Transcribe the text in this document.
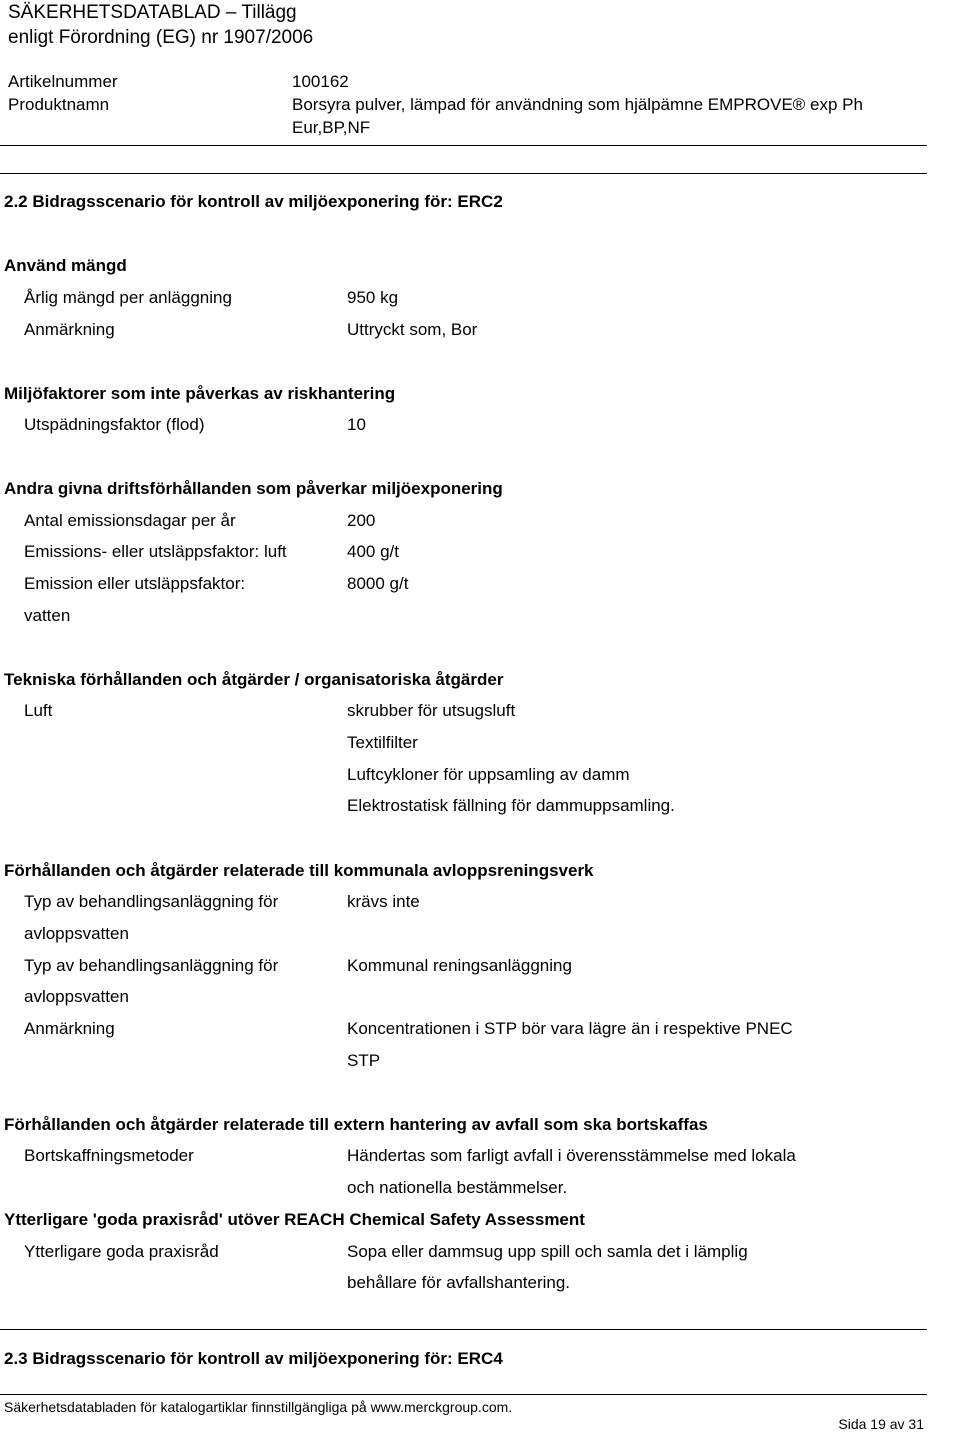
SÄKERHETSDATABLAD – Tillägg
enligt Förordning (EG) nr 1907/2006
Artikelnummer	100162
Produktnamn	Borsyra pulver, lämpad för användning som hjälpämne EMPROVE® exp Ph
Eur,BP,NF
2.2 Bidragsscenario för kontroll av miljöexponering för: ERC2
Använd mängd
Årlig mängd per anläggning	950 kg
Anmärkning	Uttryckt som, Bor
Miljöfaktorer som inte påverkas av riskhantering
Utspädningsfaktor (flod)	10
Andra givna driftsförhållanden som påverkar miljöexponering
Antal emissionsdagar per år	200
Emissions- eller utsläppsfaktor: luft	400 g/t
Emission eller utsläppsfaktor:	8000 g/t
vatten
Tekniska förhållanden och åtgärder / organisatoriska åtgärder
Luft	skrubber för utsugsluft
Textilfilter
Luftcykloner för uppsamling av damm
Elektrostatisk fällning för dammuppsamling.
Förhållanden och åtgärder relaterade till kommunala avloppsreningsverk
Typ av behandlingsanläggning för	krävs inte
avloppsvatten
Typ av behandlingsanläggning för	Kommunal reningsanläggning
avloppsvatten
Anmärkning	Koncentrationen i STP bör vara lägre än i respektive PNEC
STP
Förhållanden och åtgärder relaterade till extern hantering av avfall som ska bortskaffas
Bortskaffningsmetoder	Hӓndertas som farligt avfall i överensstämmelse med lokala
och nationella bestämmelser.
Ytterligare 'goda praxisråd' utöver REACH Chemical Safety Assessment
Ytterligare goda praxisråd	Sopa eller dammsug upp spill och samla det i lämplig
behållare för avfallshantering.
2.3 Bidragsscenario för kontroll av miljöexponering för: ERC4
Säkerhetsdatabladen för katalogartiklar finnstillgängliga på www.merckgroup.com.
Sida 19 av 31
